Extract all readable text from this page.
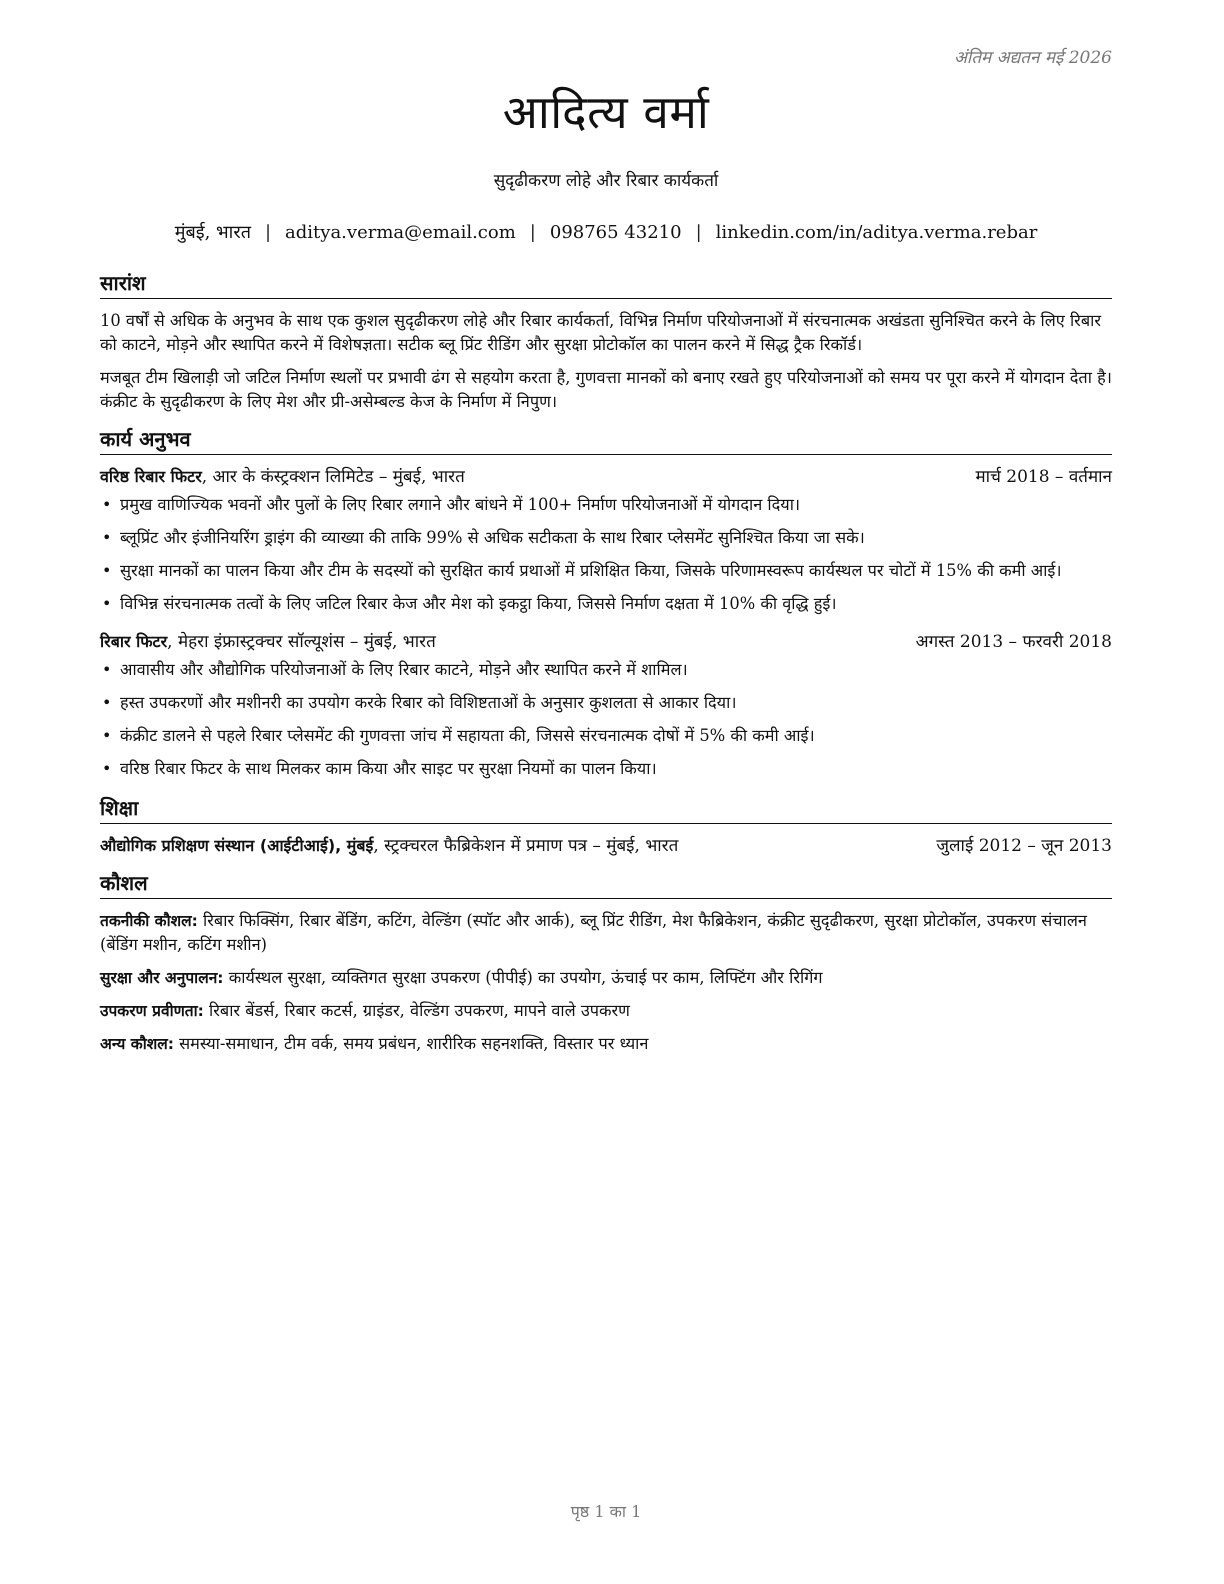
अंतिम अद्यतन मई 2026
आदित्य वर्मा
सुदृढीकरण लोहे और रिबार कार्यकर्ता
मुंबई, भारत | aditya.verma@email.com | 098765 43210 | linkedin.com/in/aditya.verma.rebar
सारांश

10 वर्षों से अधिक के अनुभव के साथ एक कुशल सुदृढीकरण लोहे और रिबार कार्यकर्ता, विभिन्न निर्माण परियोजनाओं में संरचनात्मक अखंडता सुनिश्चित करने के लिए रिबार को काटने, मोड़ने और स्थापित करने में विशेषज्ञता। सटीक ब्लू प्रिंट रीडिंग और सुरक्षा प्रोटोकॉल का पालन करने में सिद्ध ट्रैक रिकॉर्ड।

मजबूत टीम खिलाड़ी जो जटिल निर्माण स्थलों पर प्रभावी ढंग से सहयोग करता है, गुणवत्ता मानकों को बनाए रखते हुए परियोजनाओं को समय पर पूरा करने में योगदान देता है। कंक्रीट के सुदृढीकरण के लिए मेश और प्री-असेम्बल्ड केज के निर्माण में निपुण।

कार्य अनुभव
वरिष्ठ रिबार फिटर, आर के कंस्ट्रक्शन लिमिटेड – मुंबई, भारत	मार्च 2018 – वर्तमान
• प्रमुख वाणिज्यिक भवनों और पुलों के लिए रिबार लगाने और बांधने में 100+ निर्माण परियोजनाओं में योगदान दिया।
• ब्लूप्रिंट और इंजीनियरिंग ड्राइंग की व्याख्या की ताकि 99% से अधिक सटीकता के साथ रिबार प्लेसमेंट सुनिश्चित किया जा सके।
• सुरक्षा मानकों का पालन किया और टीम के सदस्यों को सुरक्षित कार्य प्रथाओं में प्रशिक्षित किया, जिसके परिणामस्वरूप कार्यस्थल पर चोटों में 15% की कमी आई।
• विभिन्न संरचनात्मक तत्वों के लिए जटिल रिबार केज और मेश को इकट्ठा किया, जिससे निर्माण दक्षता में 10% की वृद्धि हुई।
रिबार फिटर, मेहरा इंफ्रास्ट्रक्चर सॉल्यूशंस – मुंबई, भारत	अगस्त 2013 – फरवरी 2018
• आवासीय और औद्योगिक परियोजनाओं के लिए रिबार काटने, मोड़ने और स्थापित करने में शामिल।
• हस्त उपकरणों और मशीनरी का उपयोग करके रिबार को विशिष्टताओं के अनुसार कुशलता से आकार दिया।
• कंक्रीट डालने से पहले रिबार प्लेसमेंट की गुणवत्ता जांच में सहायता की, जिससे संरचनात्मक दोषों में 5% की कमी आई।
• वरिष्ठ रिबार फिटर के साथ मिलकर काम किया और साइट पर सुरक्षा नियमों का पालन किया।
शिक्षा
औद्योगिक प्रशिक्षण संस्थान (आईटीआई), मुंबई, स्ट्रक्चरल फैब्रिकेशन में प्रमाण पत्र – मुंबई, भारत	जुलाई 2012 – जून 2013
कौशल

तकनीकी कौशल: रिबार फिक्सिंग, रिबार बेंडिंग, कटिंग, वेल्डिंग (स्पॉट और आर्क), ब्लू प्रिंट रीडिंग, मेश फैब्रिकेशन, कंक्रीट सुदृढीकरण, सुरक्षा प्रोटोकॉल, उपकरण संचालन (बेंडिंग मशीन, कटिंग मशीन)

सुरक्षा और अनुपालन: कार्यस्थल सुरक्षा, व्यक्तिगत सुरक्षा उपकरण (पीपीई) का उपयोग, ऊंचाई पर काम, लिफ्टिंग और रिगिंग

उपकरण प्रवीणता: रिबार बेंडर्स, रिबार कटर्स, ग्राइंडर, वेल्डिंग उपकरण, मापने वाले उपकरण

अन्य कौशल: समस्या-समाधान, टीम वर्क, समय प्रबंधन, शारीरिक सहनशक्ति, विस्तार पर ध्यान

पृष्ठ 1 का 1
